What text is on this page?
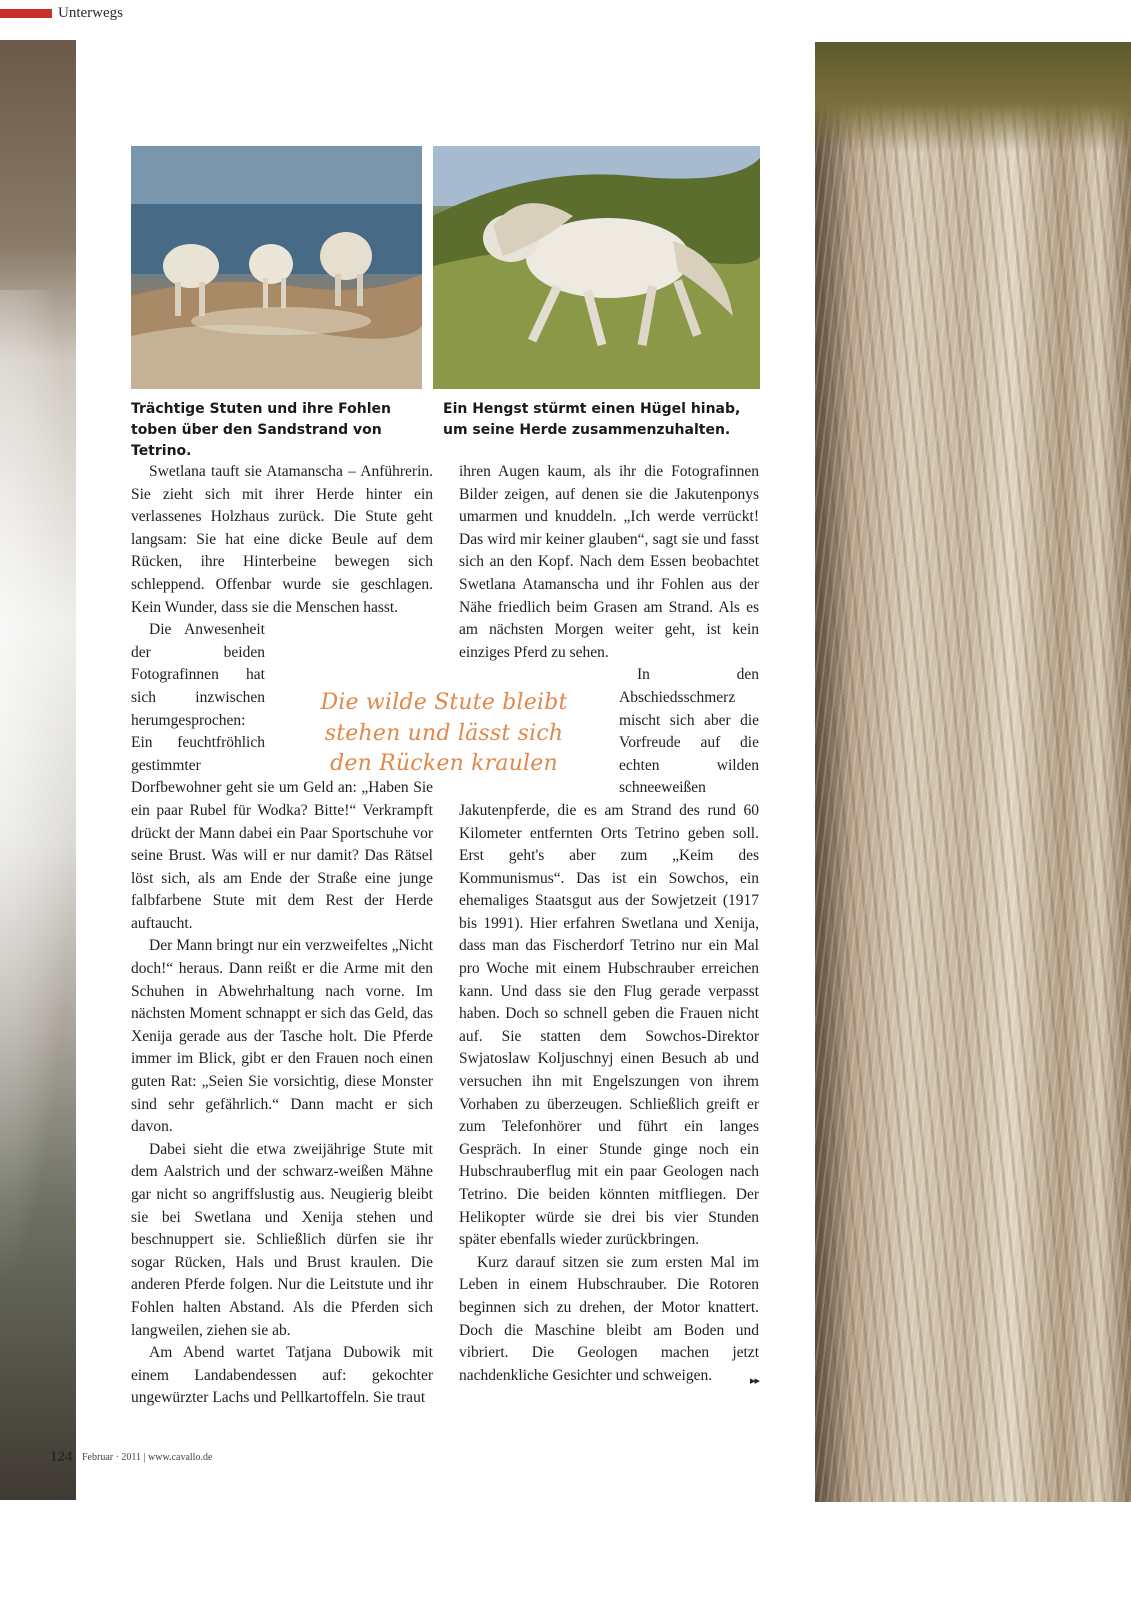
Unterwegs

Trächtige Stuten und ihre Fohlen toben über den Sandstrand von Tetrino.

Ein Hengst stürmt einen Hügel hinab, um seine Herde zusammenzuhalten.

Swetlana tauft sie Atamanscha – Anführerin. Sie zieht sich mit ihrer Herde hinter ein verlassenes Holzhaus zurück. Die Stute geht langsam: Sie hat eine dicke Beule auf dem Rücken, ihre Hinterbeine bewegen sich schleppend. Offenbar wurde sie geschlagen. Kein Wunder, dass sie die Menschen hasst.

Die Anwesenheit der beiden Fotografinnen hat sich inzwischen herumgesprochen: Ein feuchtfröhlich gestimmter Dorfbewohner geht sie um Geld an: „Haben Sie ein paar Rubel für Wodka? Bitte!“ Verkrampft drückt der Mann dabei ein Paar Sportschuhe vor seine Brust. Was will er nur damit? Das Rätsel löst sich, als am Ende der Straße eine junge falbfarbene Stute mit dem Rest der Herde auftaucht.

Der Mann bringt nur ein verzweifeltes „Nicht doch!“ heraus. Dann reißt er die Arme mit den Schuhen in Abwehrhaltung nach vorne. Im nächsten Moment schnappt er sich das Geld, das Xenija gerade aus der Tasche holt. Die Pferde immer im Blick, gibt er den Frauen noch einen guten Rat: „Seien Sie vorsichtig, diese Monster sind sehr gefährlich.“ Dann macht er sich davon.

Dabei sieht die etwa zweijährige Stute mit dem Aalstrich und der schwarz-weißen Mähne gar nicht so angriffslustig aus. Neugierig bleibt sie bei Swetlana und Xenija stehen und beschnuppert sie. Schließlich dürfen sie ihr sogar Rücken, Hals und Brust kraulen. Die anderen Pferde folgen. Nur die Leitstute und ihr Fohlen halten Abstand. Als die Pferden sich langweilen, ziehen sie ab.

Am Abend wartet Tatjana Dubowik mit einem Landabendessen auf: gekochter ungewürzter Lachs und Pellkartoffeln. Sie traut

ihren Augen kaum, als ihr die Fotografinnen Bilder zeigen, auf denen sie die Jakutenponys umarmen und knuddeln. „Ich werde verrückt! Das wird mir keiner glauben“, sagt sie und fasst sich an den Kopf. Nach dem Essen beobachtet Swetlana Atamanscha und ihr Fohlen aus der Nähe friedlich beim Grasen am Strand. Als es am nächsten Morgen weiter geht, ist kein einziges Pferd zu sehen.

In den Abschiedsschmerz mischt sich aber die Vorfreude auf die echten wilden schneeweißen Jakutenpferde, die es am Strand des rund 60 Kilometer entfernten Orts Tetrino geben soll. Erst geht's aber zum „Keim des Kommunismus“. Das ist ein Sowchos, ein ehemaliges Staatsgut aus der Sowjetzeit (1917 bis 1991). Hier erfahren Swetlana und Xenija, dass man das Fischerdorf Tetrino nur ein Mal pro Woche mit einem Hubschrauber erreichen kann. Und dass sie den Flug gerade verpasst haben. Doch so schnell geben die Frauen nicht auf. Sie statten dem Sowchos-Direktor Swjatoslaw Koljuschnyj einen Besuch ab und versuchen ihn mit Engelszungen von ihrem Vorhaben zu überzeugen. Schließlich greift er zum Telefonhörer und führt ein langes Gespräch. In einer Stunde ginge noch ein Hubschrauberflug mit ein paar Geologen nach Tetrino. Die beiden könnten mitfliegen. Der Helikopter würde sie drei bis vier Stunden später ebenfalls wieder zurückbringen.

Kurz darauf sitzen sie zum ersten Mal im Leben in einem Hubschrauber. Die Rotoren beginnen sich zu drehen, der Motor knattert. Doch die Maschine bleibt am Boden und vibriert. Die Geologen machen jetzt nachdenkliche Gesichter und schweigen.	▸▸

Die wilde Stute bleibt stehen und lässt sich den Rücken kraulen

124 Februar · 2011 | www.cavallo.de
